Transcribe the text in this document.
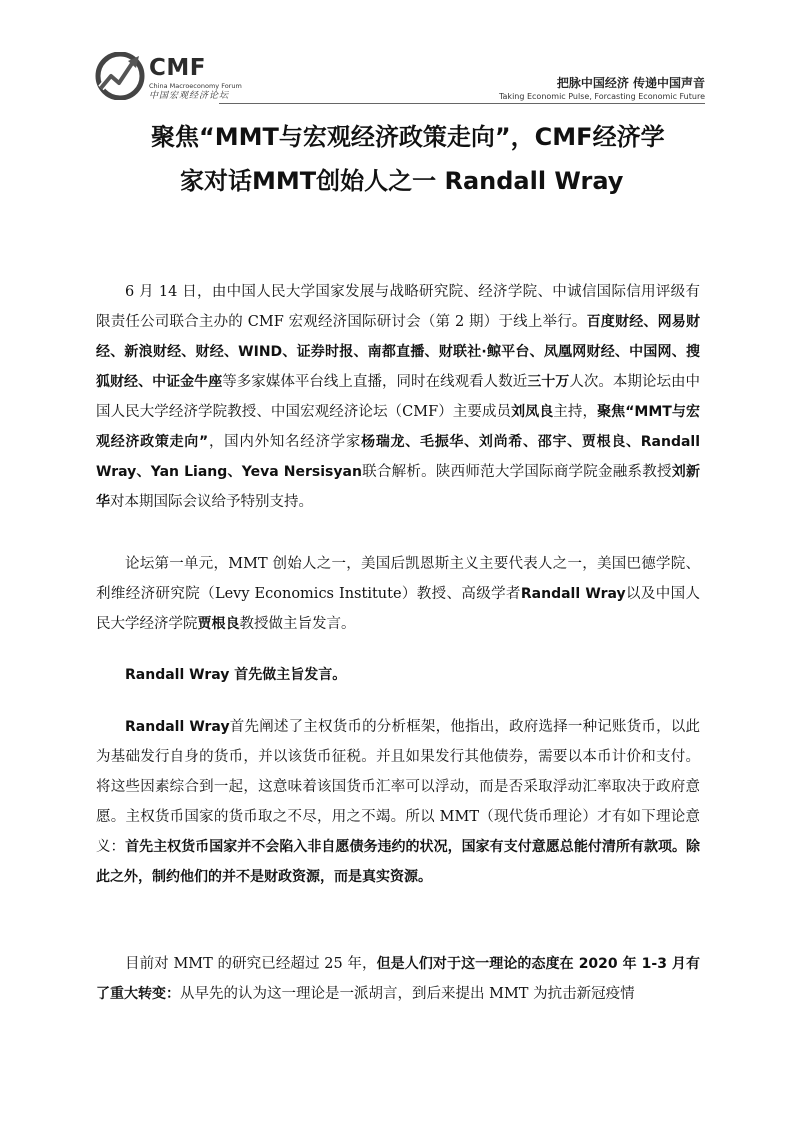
CMF
China Macroeconomy Forum
中国宏观经济论坛
把脉中国经济 传递中国声音
Taking Economic Pulse, Forcasting Economic Future
聚焦“MMT与宏观经济政策走向”，CMF经济学
家对话MMT创始人之一 Randall Wray

6 月 14 日，由中国人民大学国家发展与战略研究院、经济学院、中诚信国际信用评级有限责任公司联合主办的 CMF 宏观经济国际研讨会（第 2 期）于线上举行。百度财经、网易财经、新浪财经、财经、WIND、证券时报、南都直播、财联社·鲸平台、凤凰网财经、中国网、搜狐财经、中证金牛座等多家媒体平台线上直播，同时在线观看人数近三十万人次。本期论坛由中国人民大学经济学院教授、中国宏观经济论坛（CMF）主要成员刘凤良主持，聚焦“MMT与宏观经济政策走向”，国内外知名经济学家杨瑞龙、毛振华、刘尚希、邵宇、贾根良、Randall Wray、Yan Liang、Yeva Nersisyan联合解析。陕西师范大学国际商学院金融系教授刘新华对本期国际会议给予特别支持。

论坛第一单元，MMT 创始人之一，美国后凯恩斯主义主要代表人之一，美国巴德学院、利维经济研究院（Levy Economics Institute）教授、高级学者Randall Wray以及中国人民大学经济学院贾根良教授做主旨发言。

Randall Wray 首先做主旨发言。

Randall Wray首先阐述了主权货币的分析框架，他指出，政府选择一种记账货币，以此为基础发行自身的货币，并以该货币征税。并且如果发行其他债券，需要以本币计价和支付。将这些因素综合到一起，这意味着该国货币汇率可以浮动，而是否采取浮动汇率取决于政府意愿。主权货币国家的货币取之不尽，用之不竭。所以 MMT（现代货币理论）才有如下理论意义：首先主权货币国家并不会陷入非自愿债务违约的状况，国家有支付意愿总能付清所有款项。除此之外，制约他们的并不是财政资源，而是真实资源。

目前对 MMT 的研究已经超过 25 年，但是人们对于这一理论的态度在 2020 年 1-3 月有了重大转变：从早先的认为这一理论是一派胡言，到后来提出 MMT 为抗击新冠疫情
